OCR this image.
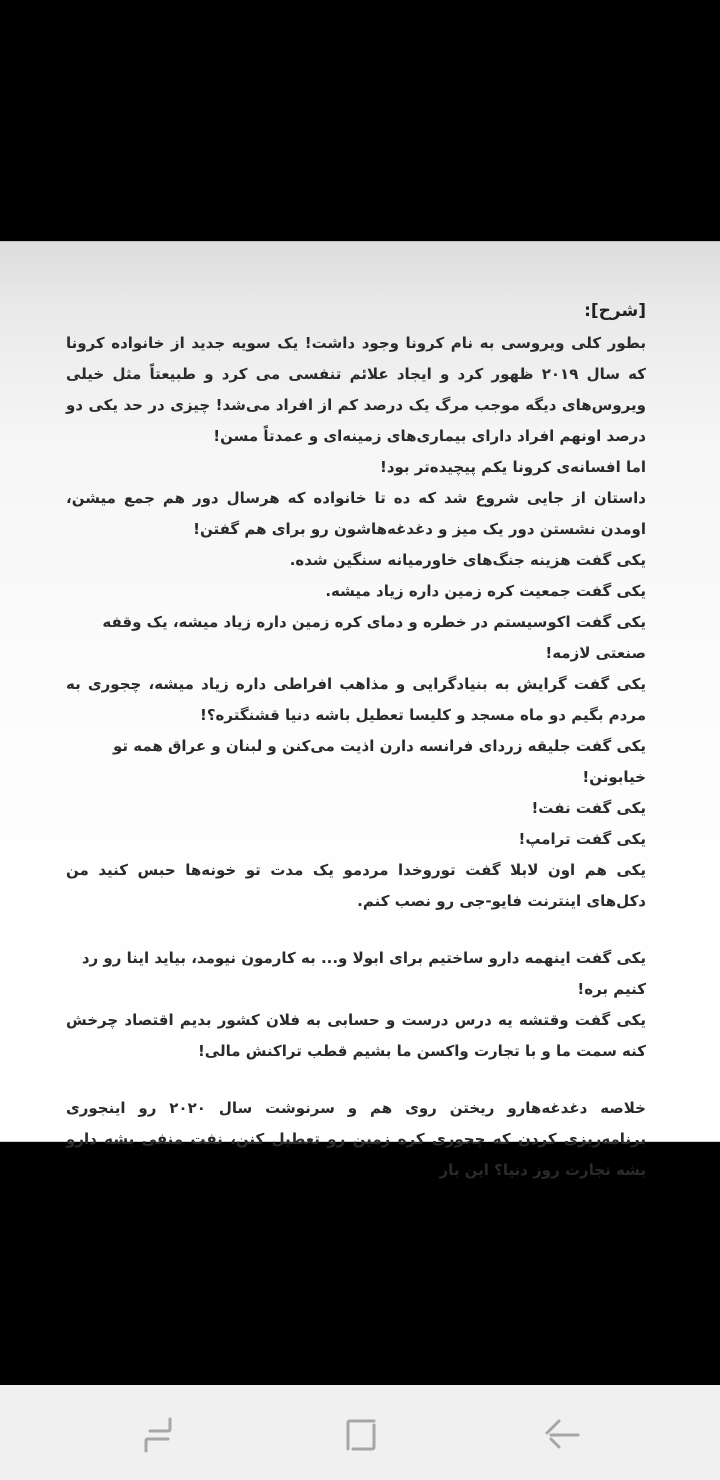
[شرح]:

بطور کلی ویروسی به نام کرونا وجود داشت! یک سویه جدید از خانواده کرونا که سال ۲۰۱۹ ظهور کرد و ایجاد علائم تنفسی می کرد و طبیعتاً مثل خیلی ویروس‌های دیگه موجب مرگ یک درصد کم از افراد می‌شد! چیزی در حد یکی دو درصد اونهم افراد دارای بیماری‌های زمینه‌ای و عمدتاً مسن!

اما افسانه‌ی کرونا یکم پیچیده‌تر بود!

داستان از جایی شروع شد که ده تا خانواده که هرسال دور هم جمع میشن، اومدن نشستن دور یک میز و دغدغه‌هاشون رو برای هم گفتن!

یکی گفت هزینه جنگ‌های خاورمیانه سنگین شده.

یکی گفت جمعیت کره زمین داره زیاد میشه.

یکی گفت اکوسیستم در خطره و دمای کره زمین داره زیاد میشه، یک وقفه صنعتی لازمه!

یکی گفت گرایش به بنیادگرایی و مذاهب افراطی داره زیاد میشه، چجوری به مردم بگیم دو ماه مسجد و کلیسا تعطیل باشه دنیا قشنگتره؟!

یکی گفت جلیقه زردای فرانسه دارن اذیت می‌کنن و لبنان و عراق همه تو خیابونن!

یکی گفت نفت!

یکی گفت ترامپ!

یکی هم اون لابلا گفت توروخدا مردمو یک مدت تو خونه‌ها حبس کنید من دکل‌های اینترنت فایو-جی رو نصب کنم.

یکی گفت اینهمه دارو ساختیم برای ابولا و... به کارمون نیومد، بیاید اینا رو رد کنیم بره!

یکی گفت وقتشه یه درس درست و حسابی به فلان کشور بدیم اقتصاد چرخش کنه سمت ما و با تجارت واکسن ما بشیم قطب تراکنش مالی!

خلاصه دغدغه‌هارو ریختن روی هم و سرنوشت سال ۲۰۲۰ رو اینجوری برنامه‌ریزی کردن که چجوری کره زمین رو تعطیل کنن، نفت منفی بشه دارو بشه تجارت روز دنیا؟ این بار
